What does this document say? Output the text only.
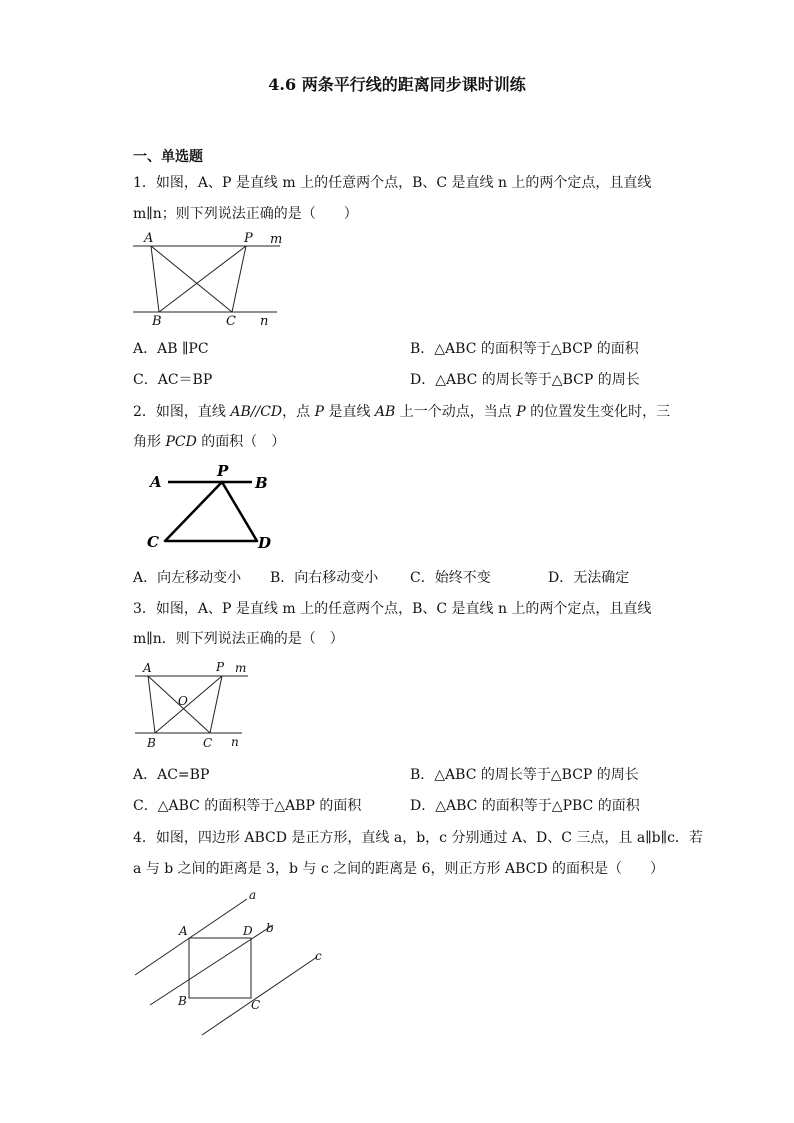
4.6 两条平行线的距离同步课时训练
一、单选题
1．如图，A、P 是直线 m 上的任意两个点，B、C 是直线 n 上的两个定点，且直线
m∥n；则下列说法正确的是（　　）
A	P m
B	C n
A．AB ∥PC	B．△ABC 的面积等于△BCP 的面积
C．AC＝BP	D．△ABC 的周长等于△BCP 的周长
2．如图，直线 AB//CD，点 P 是直线 AB 上一个动点，当点 P 的位置发生变化时，三
角形 PCD 的面积（　）
A
P
B
C	D
A．向左移动变小 B．向右移动变小 C．始终不变	D．无法确定
3．如图，A、P 是直线 m 上的任意两个点，B、C 是直线 n 上的两个定点，且直线
m∥n．则下列说法正确的是（　）
A	P m
O
B	C n
A．AC=BP	B．△ABC 的周长等于△BCP 的周长
C．△ABC 的面积等于△ABP 的面积	D．△ABC 的面积等于△PBC 的面积
4．如图，四边形 ABCD 是正方形，直线 a，b，c 分别通过 A、D、C 三点，且 a∥b∥c．若
a 与 b 之间的距离是 3，b 与 c 之间的距离是 6，则正方形 ABCD 的面积是（　　）
a
b
c
A	D
B	C
